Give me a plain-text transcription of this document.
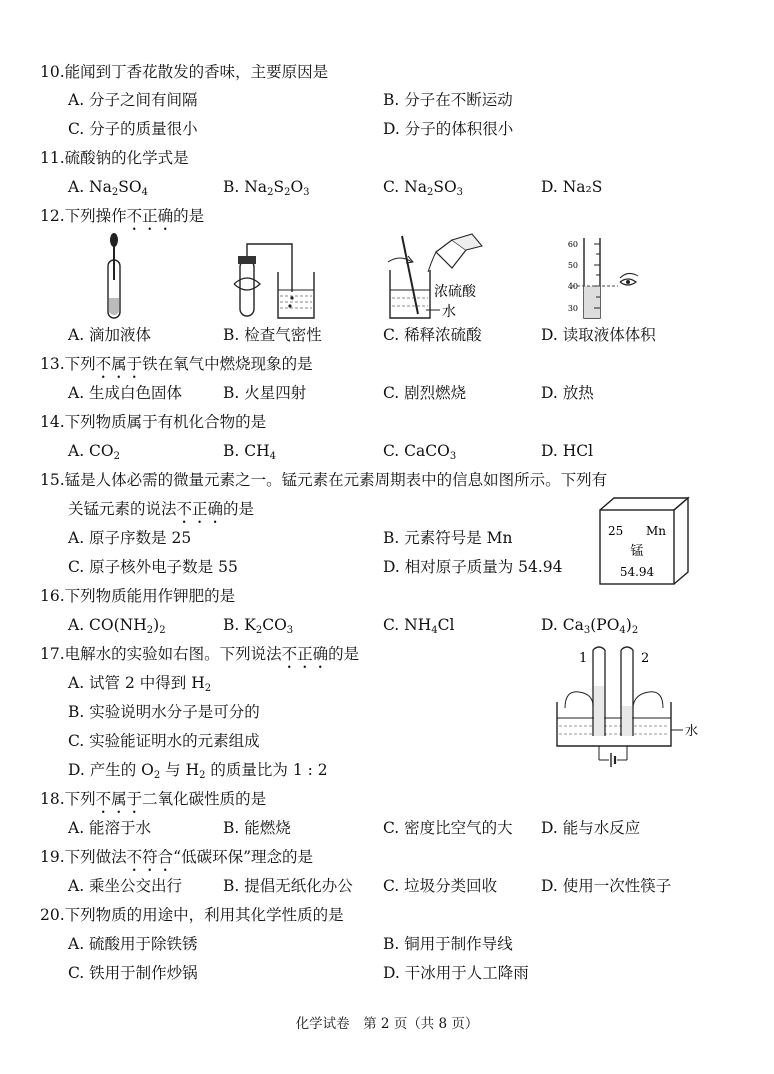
10.能闻到丁香花散发的香味，主要原因是
A. 分子之间有间隔	B. 分子在不断运动
C. 分子的质量很小	D. 分子的体积很小
11.硫酸钠的化学式是
A. $Na_2SO_4$	B. $Na_2S_2O_3$	C. $Na_2SO_3$	D. Na₂S
12.下列操作不正确的是
浓硫酸
水
60
50
40
30
A. 滴加液体	B. 检查气密性	C. 稀释浓硫酸	D. 读取液体体积
13.下列不属于铁在氧气中燃烧现象的是
A. 生成白色固体	B. 火星四射	C. 剧烈燃烧	D. 放热
14.下列物质属于有机化合物的是
A. $CO_2$	B. $CH_4$	C. CaCO$_3$	D. HCl
15.锰是人体必需的微量元素之一。锰元素在元素周期表中的信息如图所示。下列有
关锰元素的说法不正确的是
A. 原子序数是 25	B. 元素符号是 Mn
C. 原子核外电子数是 55	D. 相对原子质量为 54.94
25 Mn
锰
54.94
16.下列物质能用作钾肥的是
A. $CO(NH_2)_2$	B. $K_2CO_3$	C. $NH_4Cl$	D. $Ca_3(PO_4)_2$
17.电解水的实验如右图。下列说法不正确的是
A. 试管 2 中得到 $H_2$
B. 实验说明水分子是可分的
C. 实验能证明水的元素组成
D. 产生的 $O_2$ 与 $H_2$ 的质量比为 1 : 2
1	2
水
18.下列不属于二氧化碳性质的是
A. 能溶于水	B. 能燃烧	C. 密度比空气的大 D. 能与水反应
19.下列做法不符合“低碳环保”理念的是
A. 乘坐公交出行	B. 提倡无纸化办公 C. 垃圾分类回收	D. 使用一次性筷子
20.下列物质的用途中，利用其化学性质的是
A. 硫酸用于除铁锈	B. 铜用于制作导线
C. 铁用于制作炒锅	D. 干冰用于人工降雨
化学试卷　第 2 页（共 8 页）
